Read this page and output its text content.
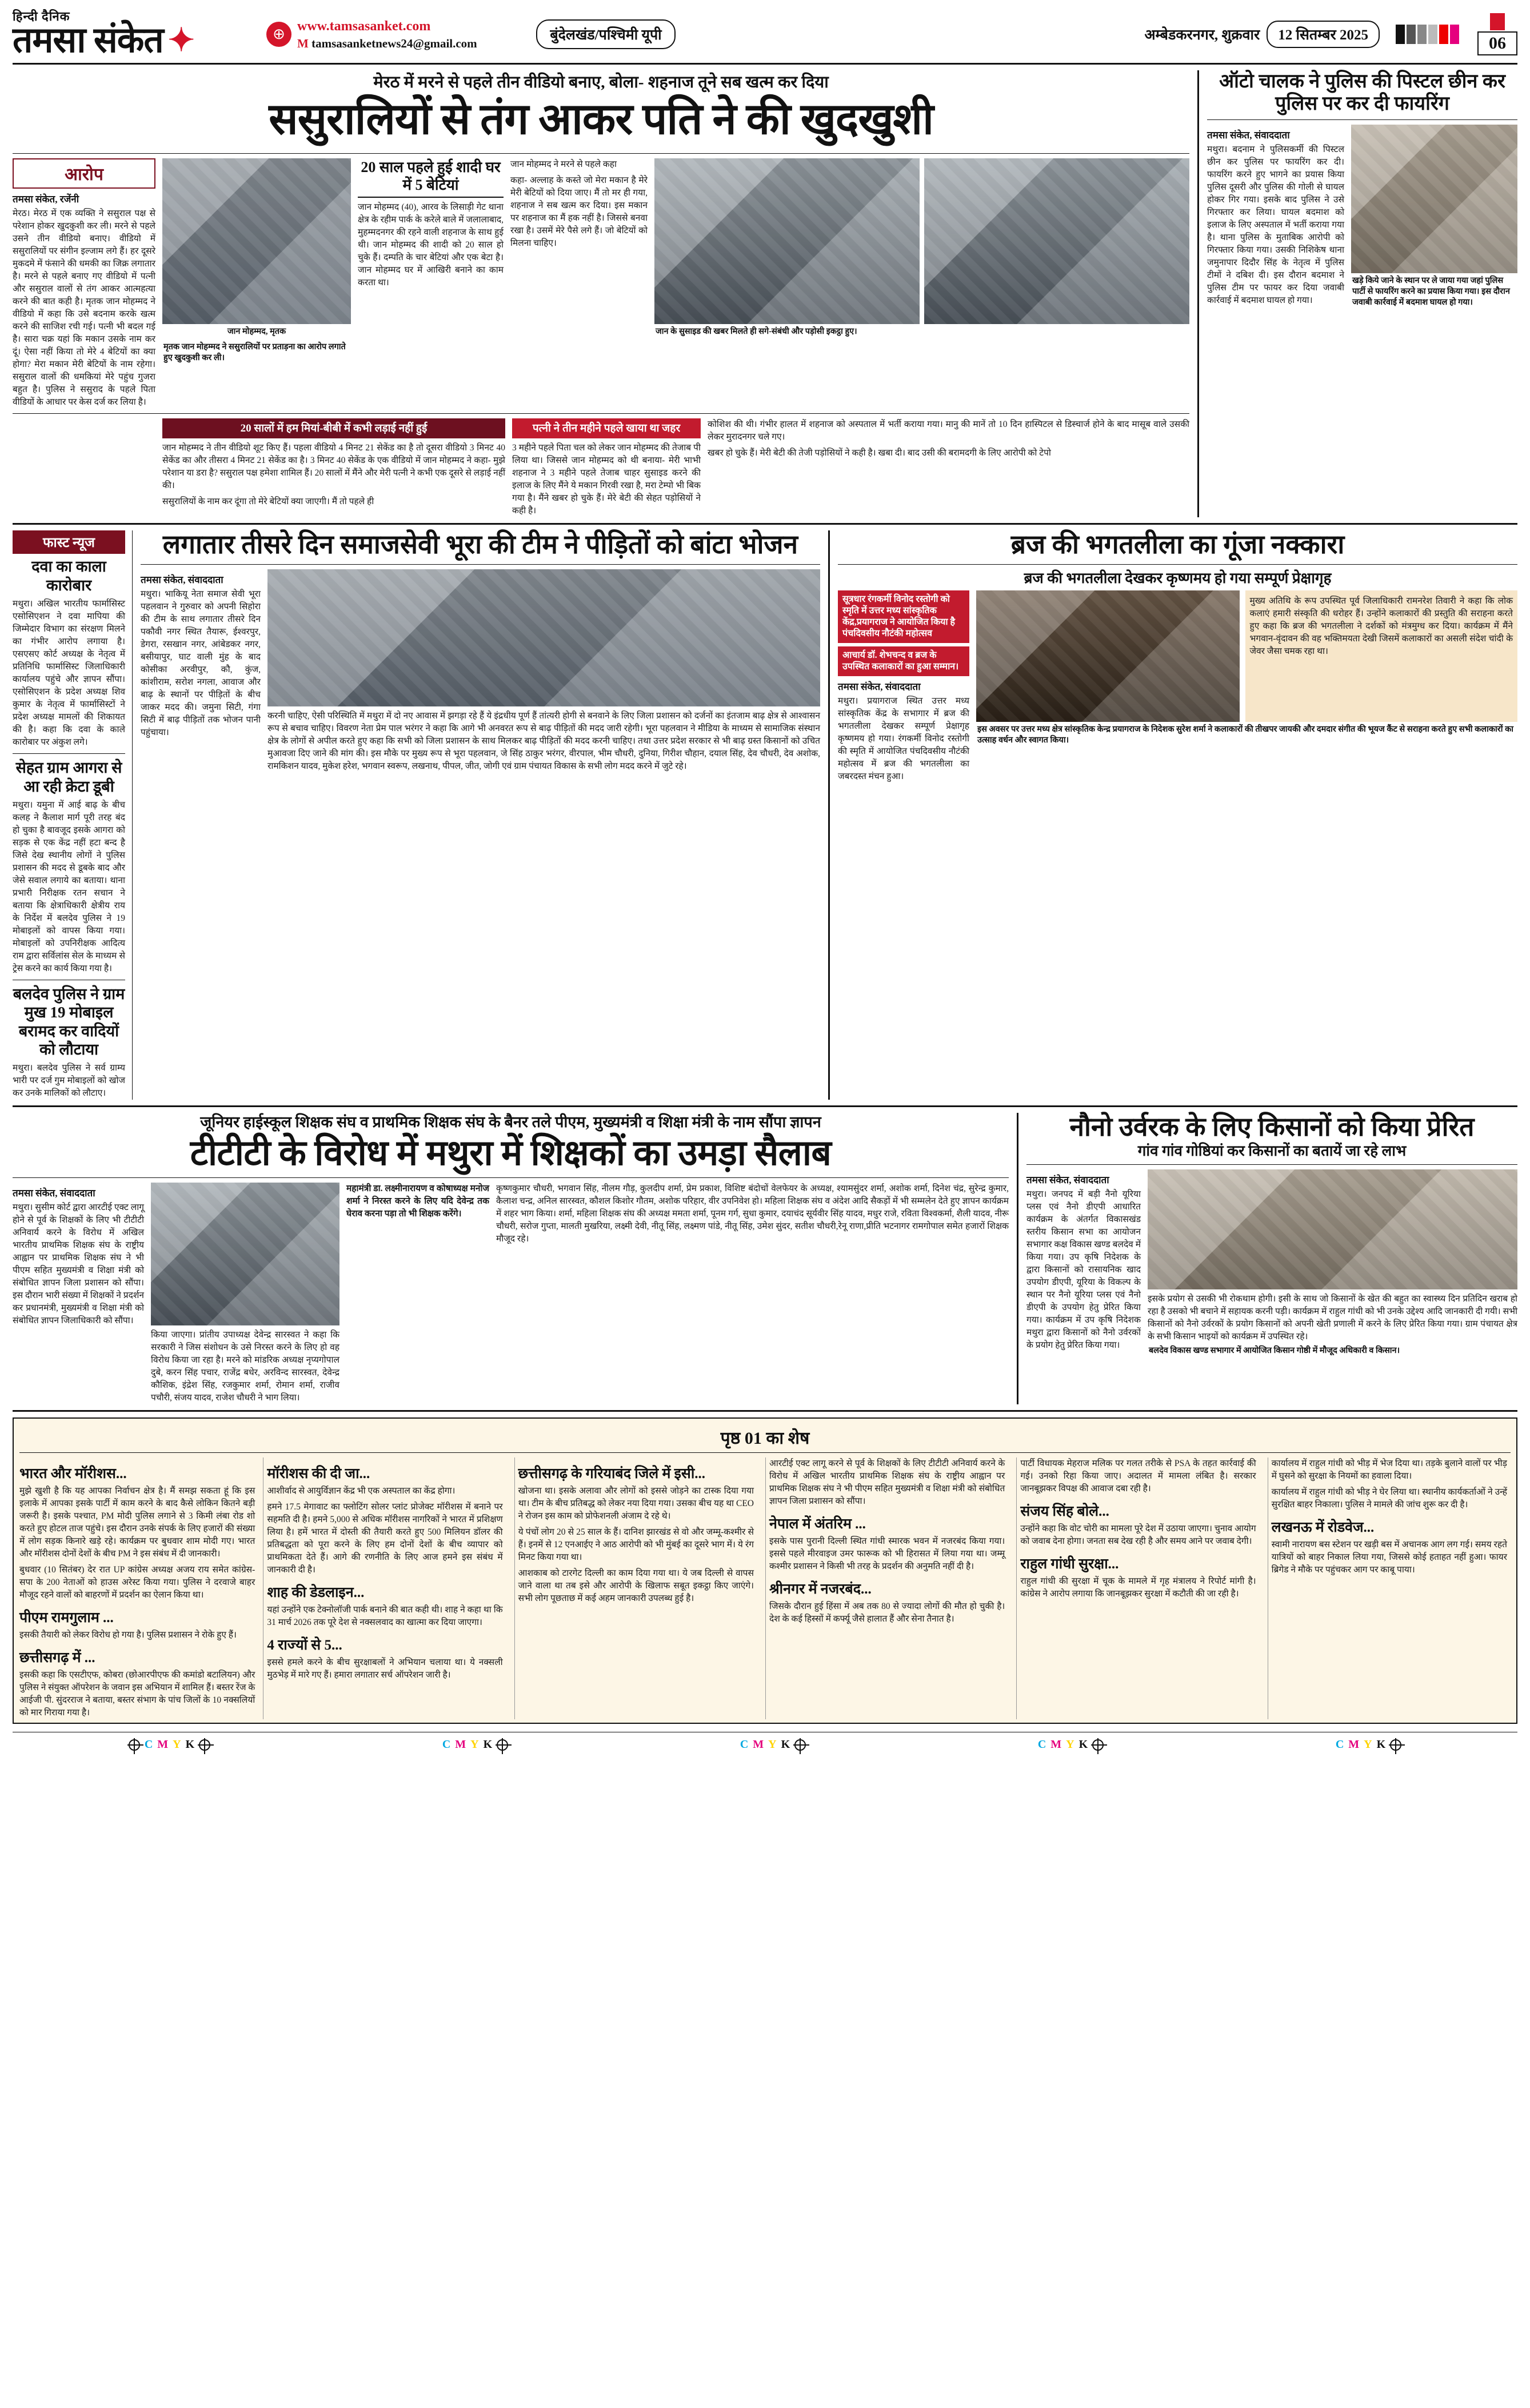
हिन्दी दैनिक
तमसा संकेत ✦	⊕ www.tamsasanket.com
M tamsasanketnews24@gmail.com
बुंदेलखंड/पश्चिमी यूपी	अम्बेडकरनगर, शुक्रवार	12 सितम्बर 2025	06
मेरठ में मरने से पहले तीन वीडियो बनाए, बोला- शहनाज तूने सब खत्म कर दिया
ससुरालियों से तंग आकर पति ने की खुदखुशी
आरोप
तमसा संकेत, रजेंनी
मेरठ। मेरठ में एक व्यक्ति ने ससुराल पक्ष से परेशान होकर खुदकुशी कर ली। मरने से पहले उसने तीन वीडियो बनाए। वीडियो में ससुरालियों पर संगीन इल्जाम लगे हैं। हर दूसरे मुकदमे में फंसाने की धमकी का जिक्र लगातार है। मरने से पहले बनाए गए वीडियो में पत्नी और ससुराल वालों से तंग आकर आत्महत्या करने की बात कही है। मृतक जान मोहम्मद ने वीडियो में कहा कि उसे बदनाम करके खत्म करने की साजिश रची गई। पत्नी भी बदल गई है। सारा चक्र यहां कि मकान उसके नाम कर दूं। ऐसा नहीं किया तो मेरे 4 बेटियों का क्या होगा? मेरा मकान मेरी बेटियों के नाम रहेगा। ससुराल वालों की धमकियां मेरे पहुंच गुजरा बहुत है। पुलिस ने ससुराद के पहले पिता वीडियों के आधार पर केस दर्ज कर लिया है।
जान मोहम्मद, मृतक
मृतक जान मोहम्मद ने ससुरालियों पर प्रताड़ना का आरोप लगाते हुए खुदकुशी कर ली।
20 साल पहले हुई शादी घर में 5 बेटियां
जान मोहम्मद (40), आरव के लिसाड़ी गेट थाना क्षेत्र के रहीम पार्क के करेले बाले में जलालाबाद, मुहम्मदनगर की रहने वाली शहनाज के साथ हुई थी। जान मोहम्मद की शादी को 20 साल हो चुके हैं। दम्पति के चार बेटियां और एक बेटा है। जान मोहम्मद घर में आखिरी बनाने का काम करता था।
जान मोहम्मद ने मरने से पहले कहा
कहा- अल्लाह के कस्ते जो मेरा मकान है मेरे मेरी बेटियों को दिया जाए। मैं तो मर ही गया, शहनाज ने सब खत्म कर दिया। इस मकान पर शहनाज का मैं हक नहीं है। जिससे बनवा रखा है। उसमें मेरे पैसे लगे हैं। जो बेटियों को मिलना चाहिए।
जान के सुसाइड की खबर मिलते ही सगे-संबंधी और पड़ोसी इकट्ठा हुए।
20 सालों में हम मियां-बीबी में कभी लड़ाई नहीं हुई
जान मोहम्मद ने तीन वीडियो शूट किए हैं। पहला वीडियो 4 मिनट 21 सेकेंड का है तो दूसरा वीडियो 3 मिनट 40 सेकेंड का और तीसरा 4 मिनट 21 सेकेंड का है। 3 मिनट 40 सेकेंड के एक वीडियो में जान मोहम्मद ने कहा- मुझे परेशान या डरा है? ससुराल पक्ष हमेशा शामिल हैं। 20 सालों में मैंने और मेरी पत्नी ने कभी एक दूसरे से लड़ाई नहीं की।
ससुरालियों के नाम कर दूंगा तो मेरे बेटियों क्या जाएगी। मैं तो पहले ही
पत्नी ने तीन महीने पहले खाया था जहर
3 महीने पहले पिता चल को लेकर जान मोहम्मद की तेजाब पी लिया था। जिससे जान मोहम्मद को थी बनाया- मेरी भाभी शहनाज ने 3 महीने पहले तेजाब चाहर सुसाइड करने की इलाज के लिए मैंने ये मकान गिरवी रखा है, मरा टेम्पो भी बिक गया है। मैंने खबर हो चुके हैं। मेरे बेटी की सेहत पड़ोसियों ने कही है।
कोशिश की थी। गंभीर हालत में शहनाज को अस्पताल में भर्ती कराया गया। मानु की मानें तो 10 दिन हास्पिटल से डिस्चार्ज होने के बाद मासूब वाले उसकी लेकर मुरादनगर चले गए।
खबर हो चुके हैं। मेरी बेटी की तेजी पड़ोसियों ने कही है। खबा दी। बाद उसी की बरामदगी के लिए आरोपी को टेपो
ऑटो चालक ने पुलिस की पिस्टल छीन कर पुलिस पर कर दी फायरिंग
तमसा संकेत, संवाददाता
मथुरा। बदनाम ने पुलिसकर्मी की पिस्टल छीन कर पुलिस पर फायरिंग कर दी। फायरिंग करने हुए भागने का प्रयास किया पुलिस दूसरी और पुलिस की गोली से घायल होकर गिर गया। इसके बाद पुलिस ने उसे गिरफ्तार कर लिया। घायल बदमाश को इलाज के लिए अस्पताल में भर्ती कराया गया है। थाना पुलिस के मुताबिक आरोपी को गिरफ्तार किया गया। उसकी निशिकेष थाना जमुनापार दिदौर सिंह के नेतृत्व में पुलिस टीमों ने दबिश दी। इस दौरान बदमाश ने पुलिस टीम पर फायर कर दिया जवाबी कार्रवाई में बदमाश घायल हो गया।
खड़े किये जाने के स्थान पर ले जाया गया जहां पुलिस पार्टी से फायरिंग करने का प्रयास किया गया। इस दौरान जवाबी कार्रवाई में बदमाश घायल हो गया।
फास्ट न्यूज
दवा का काला कारोबार
मथुरा। अखिल भारतीय फार्मासिस्ट एसोसिएशन ने दवा मापिया की जिम्मेदार विभाग का संरक्षण मिलने का गंभीर आरोप लगाया है। एसएसए कोर्ट अध्यक्ष के नेतृत्व में प्रतिनिधि फार्मासिस्ट जिलाधिकारी कार्यालय पहुंचे और ज्ञापन सौंपा। एसोसिएशन के प्रदेश अध्यक्ष शिव कुमार के नेतृत्व में फार्मासिस्टों ने प्रदेश अध्यक्ष मामलों की शिकायत की है। कहा कि दवा के काले कारोबार पर अंकुश लगे।
सेहत ग्राम आगरा से आ रही क्रेटा डूबी
मथुरा। यमुना में आई बाढ़ के बीच कलह ने कैलाश मार्ग पूरी तरह बंद हो चुका है बावजूद इसके आगरा को सड़क से एक केंद्र नहीं हटा बन्द है जिसे देख स्थानीय लोगों ने पुलिस प्रशासन की मदद से डूबके बाद और जेसे सवाल लगाये का बताया। थाना प्रभारी निरीक्षक रतन सचान ने बताया कि क्षेत्राधिकारी क्षेत्रीय राय के निर्देश में बलदेव पुलिस ने 19 मोबाइलों को वापस किया गया। मोबाइलों को उपनिरीक्षक आदित्य राम द्वारा सर्विलांस सेल के माध्यम से ट्रेस करने का कार्य किया गया है।
बलदेव पुलिस ने ग्राम मुख 19 मोबाइल बरामद कर वादियों को लौटाया
मथुरा। बलदेव पुलिस ने सर्व ग्राम्य भारी पर दर्ज गुम मोबाइलों को खोज कर उनके मालिकों को लौटाए।
लगातार तीसरे दिन समाजसेवी भूरा की टीम ने पीड़ितों को बांटा भोजन
तमसा संकेत, संवाददाता
मथुरा। भाकियू नेता समाज सेवी भूरा पहलवान ने गुरुवार को अपनी सिहोरा की टीम के साथ लगातार तीसरे दिन पकौवी नगर स्थित तैयारू, ईश्वरपुर, डेगरा, रसखान नगर, आंबेडकर नगर, बसीयापुर, घाट वाली मुंह के बाद कोसीका अरवीपुर, कौ, कुंज, कांशीराम, सरोश नगला, आवाज और बाढ़ के स्थानों पर पीड़ितों के बीच जाकर मदद की। जमुना सिटी, गंगा सिटी में बाढ़ पीड़ितों तक भोजन पानी पहुंचाया।
करनी चाहिए, ऐसी परिस्थिति में मथुरा में दो नए आवास में झगड़ा रहे हैं ये इंद्रधीय पूर्ण हैं तांत्यरी होगी से बनवाने के लिए जिला प्रशासन को दर्जनों का इंतजाम बाढ़ क्षेत्र से आश्वासन रूप से बचाव चाहिए। विवरण नेता प्रेम पाल भरंगर ने कहा कि आगे भी अनवरत रूप से बाढ़ पीड़ितों की मदद जारी रहेगी। भूरा पहलवान ने मीडिया के माध्यम से सामाजिक संस्थान क्षेत्र के लोगों से अपील करते हुए कहा कि सभी को जिला प्रशासन के साथ मिलकर बाढ़ पीड़ितों की मदद करनी चाहिए। तथा उत्तर प्रदेश सरकार से भी बाढ़ ग्रस्त किसानों को उचित मुआवजा दिए जाने की मांग की। इस मौके पर मुख्य रूप से भूरा पहलवान, जे सिंह ठाकुर भरंगर, वीरपाल, भीम चौधरी, दुनिया, गिरीश चौहान, दयाल सिंह, देव चौधरी, देव अशोक, रामकिशन यादव, मुकेश हरेश, भगवान स्वरूप, लखनाथ, पीपल, जीत, जोगी एवं ग्राम पंचायत विकास के सभी लोग मदद करने में जुटे रहे।
ब्रज की भगतलीला का गूंजा नक्कारा
ब्रज की भगतलीला देखकर कृष्णमय हो गया सम्पूर्ण प्रेक्षागृह
सूत्रधार रंगकर्मी विनोद रस्तोगी को स्मृति में उत्तर मध्य सांस्कृतिक केंद्र,प्रयागराज ने आयोजित किया है पंचदिवसीय नौटंकी महोत्सव
आचार्य डॉ. शेभचन्द व ब्रज के उपस्थित कलाकारों का हुआ सम्मान।
तमसा संकेत, संवाददाता
मथुरा। प्रयागराज स्थित उत्तर मध्य सांस्कृतिक केंद्र के सभागार में ब्रज की भगतलीला देखकर सम्पूर्ण प्रेक्षागृह कृष्णमय हो गया। रंगकर्मी विनोद रस्तोगी की स्मृति में आयोजित पंचदिवसीय नौटंकी महोत्सव में ब्रज की भगतलीला का जबरदस्त मंचन हुआ।
मुख्य अतिथि के रूप उपस्थित पूर्व जिलाधिकारी रामनरेश तिवारी ने कहा कि लोक कलाएं हमारी संस्कृति की धरोहर हैं। उन्होंने कलाकारों की प्रस्तुति की सराहना करते हुए कहा कि ब्रज की भगतलीला ने दर्शकों को मंत्रमुग्ध कर दिया। कार्यक्रम में मैंने भगवान-वृंदावन की वह भक्तिमयता देखी जिसमें कलाकारों का असली संदेश चांदी के जेवर जैसा चमक रहा था।
इस अवसर पर उत्तर मध्य क्षेत्र सांस्कृतिक केन्द्र प्रयागराज के निदेशक सुरेश शर्मा ने कलाकारों की तीखपर जायकी और दमदार संगीत की भूयज कैंट से सराहना करते हुए सभी कलाकारों का उत्साह वर्धन और स्वागत किया।
जूनियर हाईस्कूल शिक्षक संघ व प्राथमिक शिक्षक संघ के बैनर तले पीएम, मुख्यमंत्री व शिक्षा मंत्री के नाम सौंपा ज्ञापन
टीटीटी के विरोध में मथुरा में शिक्षकों का उमड़ा सैलाब
तमसा संकेत, संवाददाता
मथुरा। सुसीम कोर्ट द्वारा आरटीई एक्ट लागू होने से पूर्व के शिक्षकों के लिए भी टीटीटी अनिवार्य करने के विरोध में अखिल भारतीय प्राथमिक शिक्षक संघ के राष्ट्रीय आह्वान पर प्राथमिक शिक्षक संघ ने भी पीएम सहित मुख्यमंत्री व शिक्षा मंत्री को संबोधित ज्ञापन जिला प्रशासन को सौंपा। इस दौरान भारी संख्या में शिक्षकों ने प्रदर्शन कर प्रधानमंत्री, मुख्यमंत्री व शिक्षा मंत्री को संबोधित ज्ञापन जिलाधिकारी को सौंपा।
किया जाएगा। प्रांतीय उपाध्यक्ष देवेन्द्र सारस्वत ने कहा कि सरकारी ने जिस संशोधन के उसे निरस्त करने के लिए हो वह विरोध किया जा रहा है। मरने को मांडरिक अध्यक्ष नृप्यगोपाल दुबे, करन सिंह पचार, राजेंद्र बधेर, अरविन्द सारस्वत, देवेन्द्र कौशिक, इंद्रेश सिंह, रजकुमार शर्मा, रोमान शर्मा, राजीव पचौरी, संजय यादव, राजेश चौधरी ने भाग लिया।
महामंत्री डा. लक्ष्मीनारायण व कोषाध्यक्ष मनोज शर्मा ने निरस्त करने के लिए यदि देवेन्द्र तक घेराव करना पड़ा तो भी शिक्षक करेंगे।
कृष्णकुमार चौधरी, भगवान सिंह, नीलम गौड़, कुलदीप शर्मा, प्रेम प्रकाश, विशिष्ट बंदोचों वेलफेयर के अध्यक्ष, श्यामसुंदर शर्मा, अशोक शर्मा, दिनेश चंद्र, सुरेन्द्र कुमार, कैलाश चन्द्र, अनिल सारस्वत, कौशल किशोर गौतम, अशोक परिहार, वीर उपनिवेश हो। महिला शिक्षक संघ व अंदेश आदि सैकड़ों में भी सम्मलेन देते हुए ज्ञापन कार्यक्रम में शहर भाग किया। शर्मा, महिला शिक्षक संघ की अध्यक्ष ममता शर्मा, पूनम गर्ग, सुधा कुमार, दयाचंद सूर्यवीर सिंह यादव, मधुर राजे, रविता विश्वकर्मा, शैली यादव, नीरू चौधरी, सरोज गुप्ता, मालती मुखरिया, लक्ष्मी देवी, नीतू सिंह, लक्ष्मण पांडे, नीतू सिंह, उमेश सुंदर, सतीश चौधरी,रेनू राणा,प्रीति भटनागर रामगोपाल समेत हजारों शिक्षक मौजूद रहे।
नौनो उर्वरक के लिए किसानों को किया प्रेरित
गांव गांव गोष्ठियां कर किसानों का बतायें जा रहे लाभ
तमसा संकेत, संवाददाता
मथुरा। जनपद में बड़ी नैनो यूरिया प्लस एवं नैनो डीएपी आधारित कार्यक्रम के अंतर्गत विकासखंड स्तरीय किसान सभा का आयोजन सभागार कक्ष विकास खण्ड बलदेव में किया गया। उप कृषि निदेशक के द्वारा किसानों को रासायनिक खाद उपयोग डीएपी, यूरिया के विकल्प के स्थान पर नैनो यूरिया प्लस एवं नैनो डीएपी के उपयोग हेतु प्रेरित किया गया। कार्यक्रम में उप कृषि निदेशक मथुरा द्वारा किसानों को नैनो उर्वरकों के प्रयोग हेतु प्रेरित किया गया।
इसके प्रयोग से उसकी भी रोकथाम होगी। इसी के साथ जो किसानों के खेत की बहुत का स्वास्थ्य दिन प्रतिदिन खराब हो रहा है उसको भी बचाने में सहायक करनी पड़ी। कार्यक्रम में राहुल गांधी को भी उनके उद्देश्य आदि जानकारी दी गयी। सभी किसानों को नैनो उर्वरकों के प्रयोग किसानों को अपनी खेती प्रणाली में करने के लिए प्रेरित किया गया। ग्राम पंचायत क्षेत्र के सभी किसान भाइयों को कार्यक्रम में उपस्थित रहे।
बलदेव विकास खण्ड सभागार में आयोजित किसान गोष्ठी में मौजूद अधिकारी व किसान।
पृष्ठ 01 का शेष
भारत और मॉरीशस...
मुझे खुशी है कि यह आपका निर्वाचन क्षेत्र है। मैं समझ सकता हूं कि इस इलाके में आपका इसके पार्टी में काम करने के बाद कैसे लोकिन कितने बड़ी जरूरी है। इसके पश्चात, PM मोदी पुलिस लगाने से 3 किमी लंबा रोड शो करते हुए होटल ताज पहुंचे। इस दौरान उनके संपर्क के लिए हजारों की संख्या में लोग सड़क किनारे खड़े रहे। कार्यक्रम पर बुधवार शाम मोदी गए। भारत और मॉरीशस दोनों देशों के बीच PM ने इस संबंध में दी जानकारी।
बुधवार (10 सितंबर) देर रात UP कांग्रेस अध्यक्ष अजय राय समेत कांग्रेस-सपा के 200 नेताओं को हाउस अरेस्ट किया गया। पुलिस ने दरवाजे बाहर मौजूद रहने वालों को बाहरणों में प्रदर्शन का ऐलान किया था।
पीएम रामगुलाम ...
इसकी तैयारी को लेकर विरोध हो गया है। पुलिस प्रशासन ने रोके हुए हैं।
छत्तीसगढ़ में ...
इसकी कहा कि एसटीएफ, कोबरा (छोआरपीएफ की कमांडो बटालियन) और पुलिस ने संयुक्त ऑपरेशन के जवान इस अभियान में शामिल हैं। बस्तर रेंज के आईजी पी. सुंदरराज ने बताया, बस्तर संभाग के पांच जिलों के 10 नक्सलियों को मार गिराया गया है।
मॉरीशस की दी जा...
आशीर्वाद से आयुर्विज्ञान केंद्र भी एक अस्पताल का केंद्र होगा।
हमने 17.5 मेगावाट का फ्लोटिंग सोलर प्लांट प्रोजेक्ट मॉरीशस में बनाने पर सहमति दी है। हमने 5,000 से अधिक मॉरीशस नागरिकों ने भारत में प्रशिक्षण लिया है। हमें भारत में दोस्ती की तैयारी करते हुए 500 मिलियन डॉलर की प्रतिबद्धता को पूरा करने के लिए हम दोनों देशों के बीच व्यापार को प्राथमिकता देते हैं। आगे की रणनीति के लिए आज हमने इस संबंध में जानकारी दी है।
शाह की डेडलाइन...
यहां उन्होंने एक टेक्नोलॉजी पार्क बनाने की बात कही थी। शाह ने कहा था कि 31 मार्च 2026 तक पूरे देश से नक्सलवाद का खात्मा कर दिया जाएगा।
4 राज्यों से 5...
इससे हमले करने के बीच सुरक्षाबलों ने अभियान चलाया था। ये नक्सली मुठभेड़ में मारे गए हैं। हमारा लगातार सर्च ऑपरेशन जारी है।
छत्तीसगढ़ के गरियाबंद जिले में इसी...
खोजना था। इसके अलावा और लोगों को इससे जोड़ने का टास्क दिया गया था। टीम के बीच प्रतिबद्ध को लेकर नया दिया गया। उसका बीच यह था CEO ने रोजन इस काम को प्रोफेशनली अंजाम दे रहे थे।
ये पंचों लोग 20 से 25 साल के हैं। दानिश झारखंड से वो और जम्मू-कश्मीर से हैं। इनमें से 12 एनआईए ने आठ आरोपी को भी मुंबई का दूसरे भाग में। ये रंग मिनट किया गया था।
आशकाब को टारगेट दिल्ली का काम दिया गया था। ये जब दिल्ली से वापस जाने वाला था तब इसे और आरोपी के खिलाफ सबूत इकट्ठा किए जाएंगे। सभी लोग पूछताछ में कई अहम जानकारी उपलब्ध हुई है।
आरटीई एक्ट लागू करने से पूर्व के शिक्षकों के लिए टीटीटी अनिवार्य करने के विरोध में अखिल भारतीय प्राथमिक शिक्षक संघ के राष्ट्रीय आह्वान पर प्राथमिक शिक्षक संघ ने भी पीएम सहित मुख्यमंत्री व शिक्षा मंत्री को संबोधित ज्ञापन जिला प्रशासन को सौंपा।
नेपाल में अंतरिम ...
इसके पास पुरानी दिल्ली स्थित गांधी स्मारक भवन में नजरबंद किया गया। इससे पहले मीरवाइज उमर फारूक को भी हिरासत में लिया गया था। जम्मू कश्मीर प्रशासन ने किसी भी तरह के प्रदर्शन की अनुमति नहीं दी है।
श्रीनगर में नजरबंद...
जिसके दौरान हुई हिंसा में अब तक 80 से ज्यादा लोगों की मौत हो चुकी है। देश के कई हिस्सों में कर्फ्यू जैसे हालात हैं और सेना तैनात है।
पार्टी विधायक मेहराज मलिक पर गलत तरीके से PSA के तहत कार्रवाई की गई। उनको रिहा किया जाए। अदालत में मामला लंबित है। सरकार जानबूझकर विपक्ष की आवाज दबा रही है।
संजय सिंह बोले...
उन्होंने कहा कि वोट चोरी का मामला पूरे देश में उठाया जाएगा। चुनाव आयोग को जवाब देना होगा। जनता सब देख रही है और समय आने पर जवाब देगी।
राहुल गांधी सुरक्षा...
राहुल गांधी की सुरक्षा में चूक के मामले में गृह मंत्रालय ने रिपोर्ट मांगी है। कांग्रेस ने आरोप लगाया कि जानबूझकर सुरक्षा में कटौती की जा रही है।
कार्यालय में राहुल गांधी को भीड़ में भेज दिया था। तड़के बुलाने वालों पर भीड़ में घुसने को सुरक्षा के नियमों का हवाला दिया।
कार्यालय में राहुल गांधी को भीड़ ने घेर लिया था। स्थानीय कार्यकर्ताओं ने उन्हें सुरक्षित बाहर निकाला। पुलिस ने मामले की जांच शुरू कर दी है।
लखनऊ में रोडवेज...
स्वामी नारायण बस स्टेशन पर खड़ी बस में अचानक आग लग गई। समय रहते यात्रियों को बाहर निकाल लिया गया, जिससे कोई हताहत नहीं हुआ। फायर ब्रिगेड ने मौके पर पहुंचकर आग पर काबू पाया।
C M Y K	C M Y K	C M Y K	C M Y K	C M Y K
